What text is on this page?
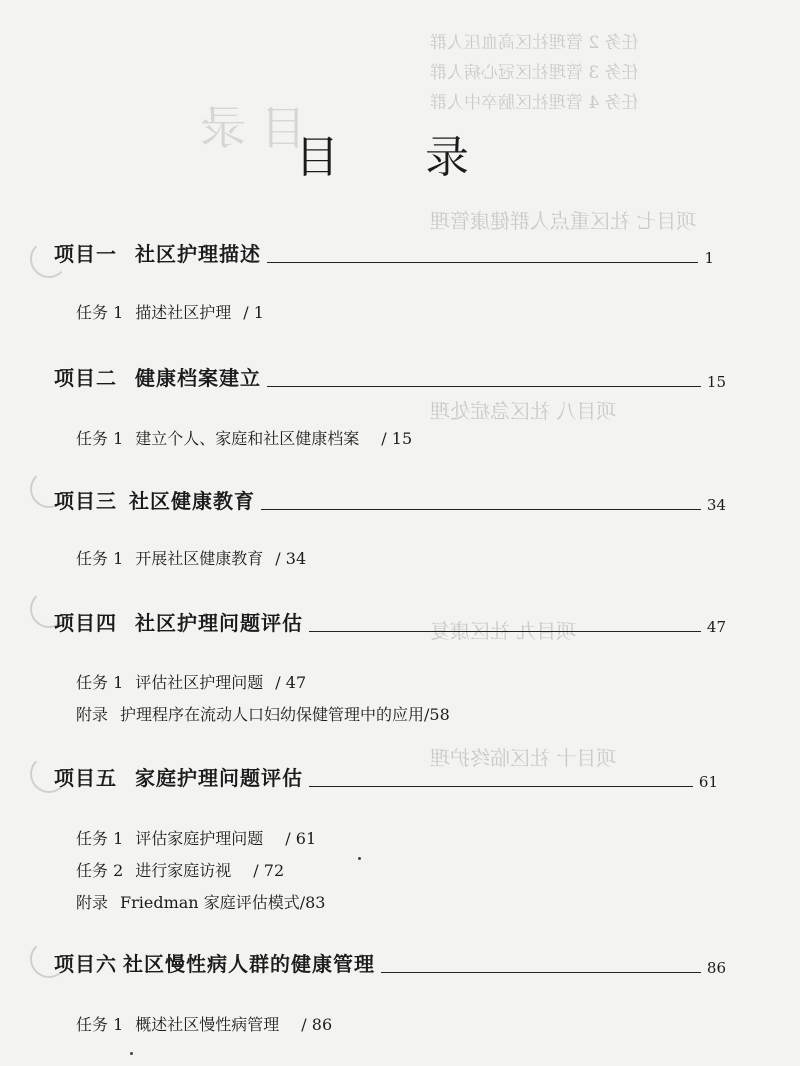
任务 2 管理社区高血压人群
任务 3 管理社区冠心病人群
任务 4 管理社区脑卒中人群
目 录
项目七 社区重点人群健康管理
项目八 社区急症处理
项目九 社区康复
项目十 社区临终护理
目 录
项目一 社区护理描述	1
任务 1 描述社区护理 / 1
项目二 健康档案建立	15
任务 1 建立个人、家庭和社区健康档案 / 15
项目三 社区健康教育	34
任务 1 开展社区健康教育 / 34
项目四 社区护理问题评估	47
任务 1 评估社区护理问题 / 47
附录 护理程序在流动人口妇幼保健管理中的应用/58
项目五 家庭护理问题评估	61
任务 1 评估家庭护理问题 / 61
任务 2 进行家庭访视 / 72
附录 Friedman 家庭评估模式/83
项目六 社区慢性病人群的健康管理	86
任务 1 概述社区慢性病管理 / 86
